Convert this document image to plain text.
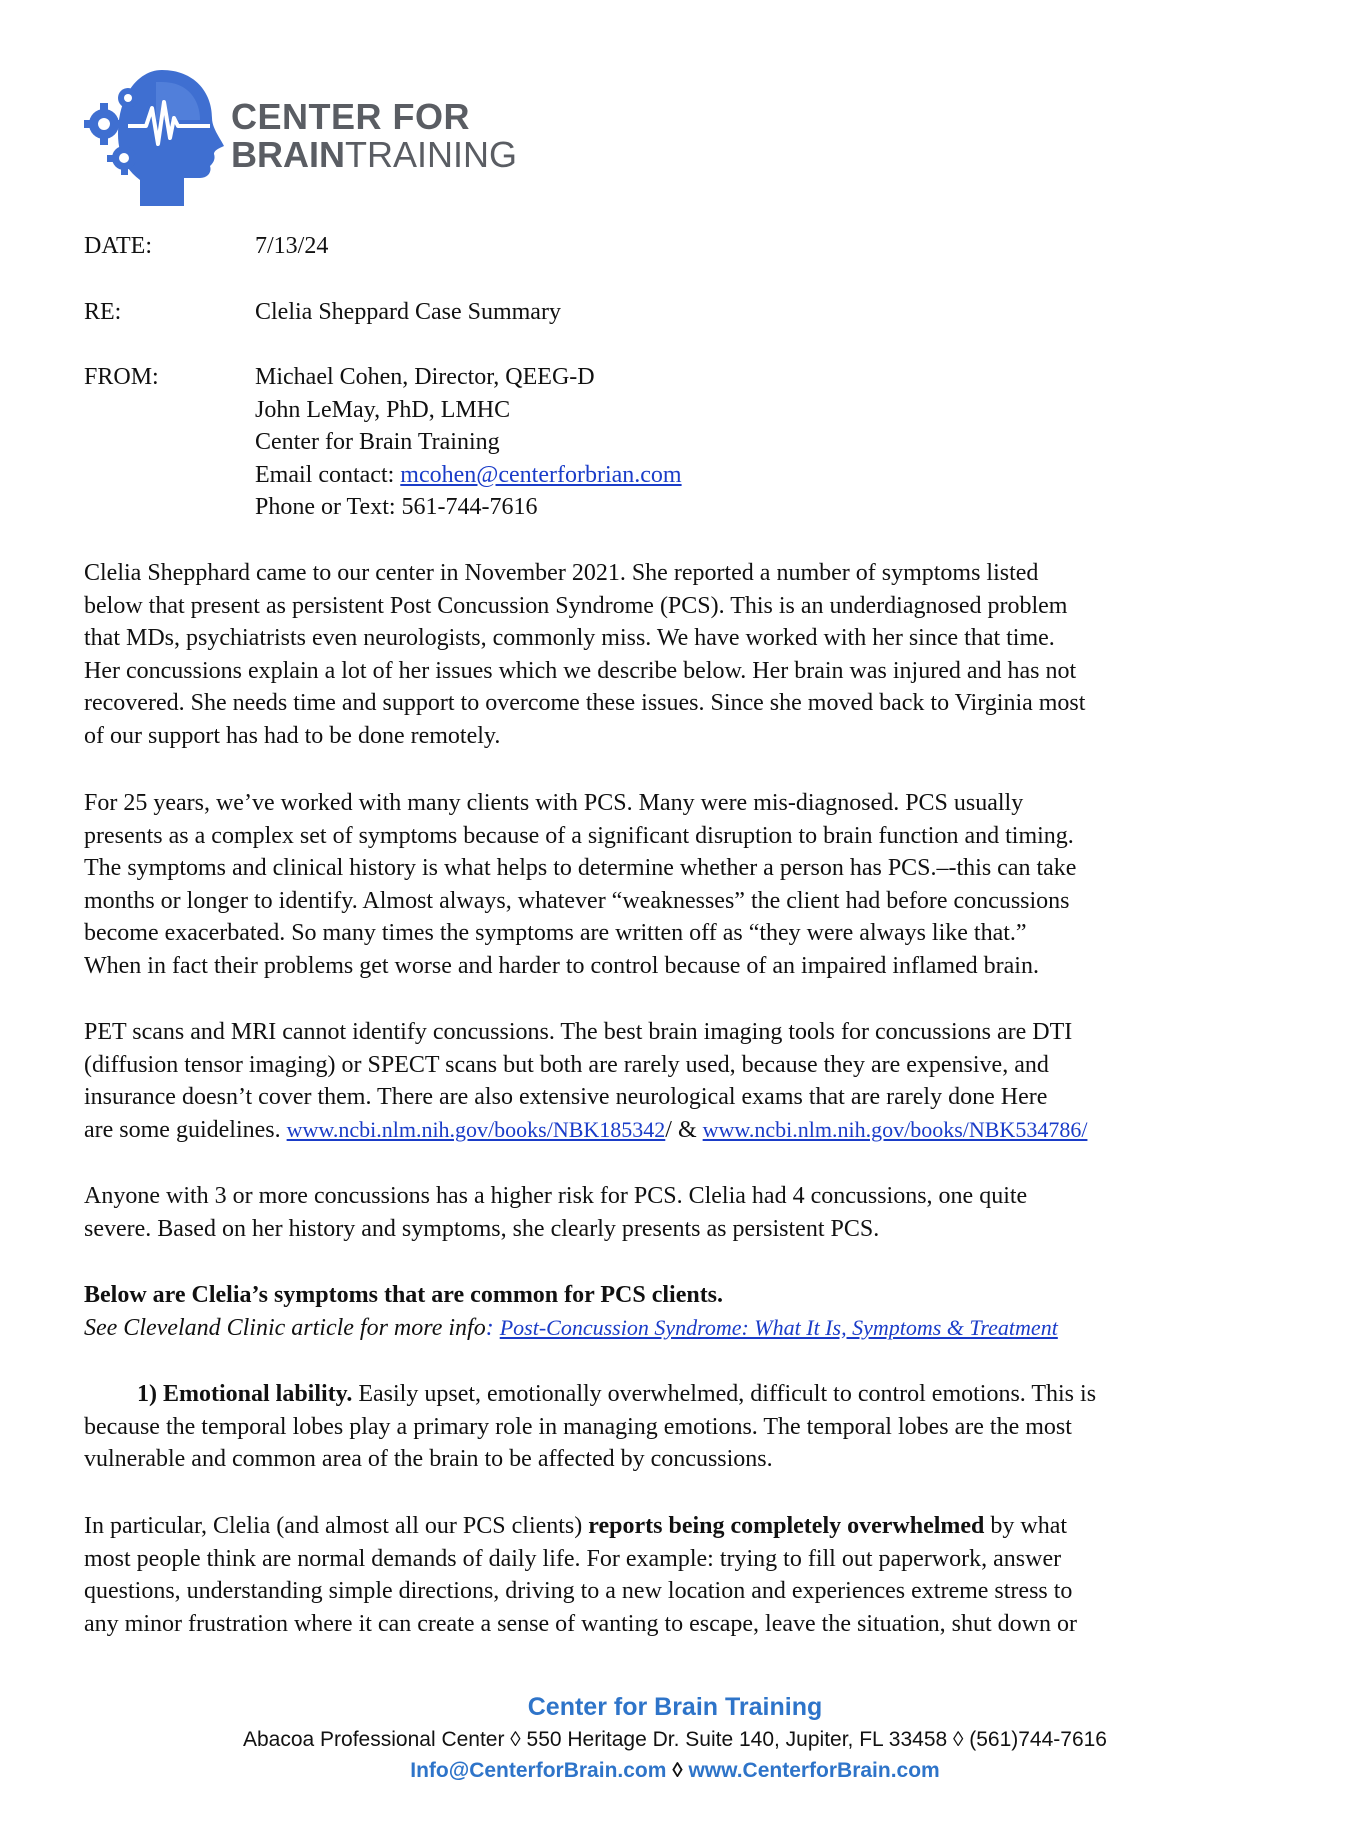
CENTER FOR
BRAINTRAINING
DATE:	7/13/24
RE:	Clelia Sheppard Case Summary
FROM:	Michael Cohen, Director, QEEG-D
John LeMay, PhD, LMHC
Center for Brain Training
Email contact: mcohen@centerforbrian.com
Phone or Text: 561-744-7616
Clelia Shepphard came to our center in November 2021. She reported a number of symptoms listed
below that present as persistent Post Concussion Syndrome (PCS). This is an underdiagnosed problem
that MDs, psychiatrists even neurologists, commonly miss. We have worked with her since that time.
Her concussions explain a lot of her issues which we describe below. Her brain was injured and has not
recovered. She needs time and support to overcome these issues. Since she moved back to Virginia most
of our support has had to be done remotely.
For 25 years, we’ve worked with many clients with PCS. Many were mis-diagnosed. PCS usually
presents as a complex set of symptoms because of a significant disruption to brain function and timing.
The symptoms and clinical history is what helps to determine whether a person has PCS.–-this can take
months or longer to identify. Almost always, whatever “weaknesses” the client had before concussions
become exacerbated. So many times the symptoms are written off as “they were always like that.”
When in fact their problems get worse and harder to control because of an impaired inflamed brain.
PET scans and MRI cannot identify concussions. The best brain imaging tools for concussions are DTI
(diffusion tensor imaging) or SPECT scans but both are rarely used, because they are expensive, and
insurance doesn’t cover them. There are also extensive neurological exams that are rarely done Here
are some guidelines. www.ncbi.nlm.nih.gov/books/NBK185342/ & www.ncbi.nlm.nih.gov/books/NBK534786/
Anyone with 3 or more concussions has a higher risk for PCS. Clelia had 4 concussions, one quite
severe. Based on her history and symptoms, she clearly presents as persistent PCS.
Below are Clelia’s symptoms that are common for PCS clients.
See Cleveland Clinic article for more info: Post-Concussion Syndrome: What It Is, Symptoms & Treatment
1) Emotional lability. Easily upset, emotionally overwhelmed, difficult to control emotions. This is
because the temporal lobes play a primary role in managing emotions. The temporal lobes are the most
vulnerable and common area of the brain to be affected by concussions.
In particular, Clelia (and almost all our PCS clients) reports being completely overwhelmed by what
most people think are normal demands of daily life. For example: trying to fill out paperwork, answer
questions, understanding simple directions, driving to a new location and experiences extreme stress to
any minor frustration where it can create a sense of wanting to escape, leave the situation, shut down or
Center for Brain Training
Abacoa Professional Center ◊ 550 Heritage Dr. Suite 140, Jupiter, FL 33458 ◊ (561)744-7616
Info@CenterforBrain.com ◊ www.CenterforBrain.com
